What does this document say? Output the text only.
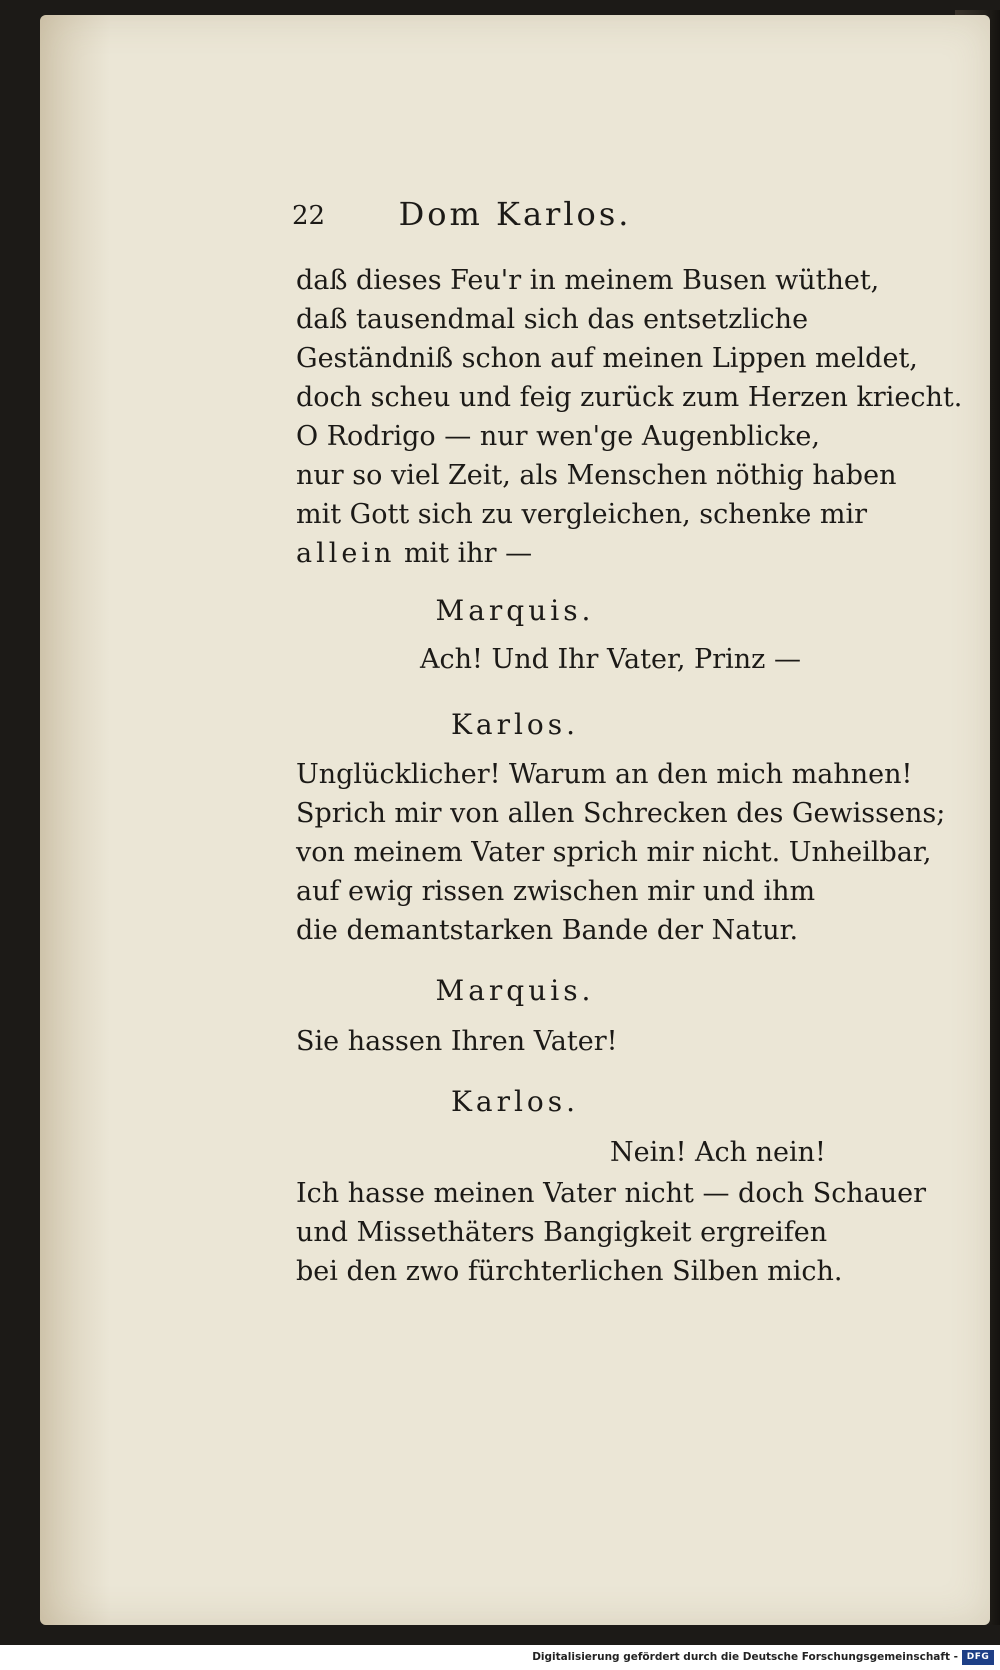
22	Dom Karlos.
daß dieses Feu'r in meinem Busen wüthet,
daß tausendmal sich das entsetzliche
Geständniß schon auf meinen Lippen meldet,
doch scheu und feig zurück zum Herzen kriecht.
O Rodrigo — nur wen'ge Augenblicke,
nur so viel Zeit, als Menschen nöthig haben
mit Gott sich zu vergleichen, schenke mir
allein mit ihr —
Marquis.
Ach! Und Ihr Vater, Prinz —
Karlos.
Unglücklicher! Warum an den mich mahnen!
Sprich mir von allen Schrecken des Gewissens;
von meinem Vater sprich mir nicht. Unheilbar,
auf ewig rissen zwischen mir und ihm
die demantstarken Bande der Natur.
Marquis.
Sie hassen Ihren Vater!
Karlos.
Nein! Ach nein!
Ich hasse meinen Vater nicht — doch Schauer
und Missethäters Bangigkeit ergreifen
bei den zwo fürchterlichen Silben mich.
Digitalisierung gefördert durch die Deutsche Forschungsgemeinschaft - DFG
